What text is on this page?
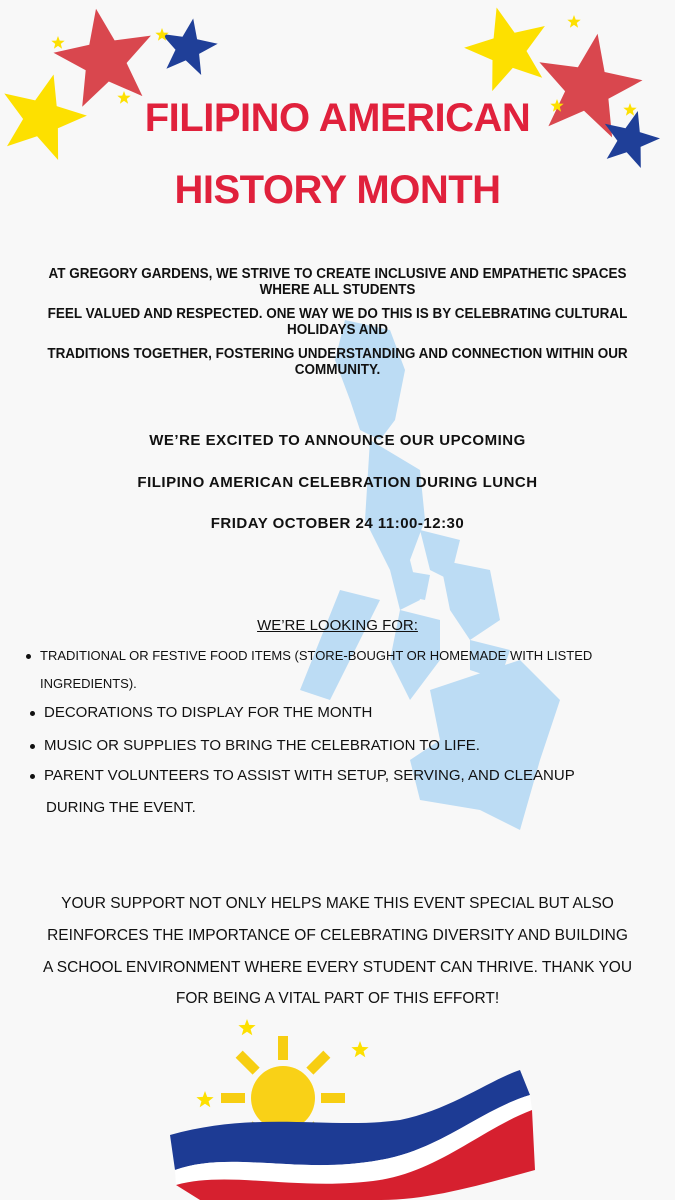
FILIPINO AMERICAN
HISTORY MONTH
AT GREGORY GARDENS, WE STRIVE TO CREATE INCLUSIVE AND EMPATHETIC SPACES WHERE ALL STUDENTS
FEEL VALUED AND RESPECTED. ONE WAY WE DO THIS IS BY CELEBRATING CULTURAL HOLIDAYS AND
TRADITIONS TOGETHER, FOSTERING UNDERSTANDING AND CONNECTION WITHIN OUR COMMUNITY.
WE’RE EXCITED TO ANNOUNCE OUR UPCOMING
FILIPINO AMERICAN CELEBRATION DURING LUNCH
FRIDAY OCTOBER 24 11:00-12:30
WE’RE LOOKING FOR:
TRADITIONAL OR FESTIVE FOOD ITEMS (STORE-BOUGHT OR HOMEMADE WITH LISTED
INGREDIENTS).
DECORATIONS TO DISPLAY FOR THE MONTH
MUSIC OR SUPPLIES TO BRING THE CELEBRATION TO LIFE.
PARENT VOLUNTEERS TO ASSIST WITH SETUP, SERVING, AND CLEANUP
DURING THE EVENT.
YOUR SUPPORT NOT ONLY HELPS MAKE THIS EVENT SPECIAL BUT ALSO
REINFORCES THE IMPORTANCE OF CELEBRATING DIVERSITY AND BUILDING
A SCHOOL ENVIRONMENT WHERE EVERY STUDENT CAN THRIVE. THANK YOU
FOR BEING A VITAL PART OF THIS EFFORT!
